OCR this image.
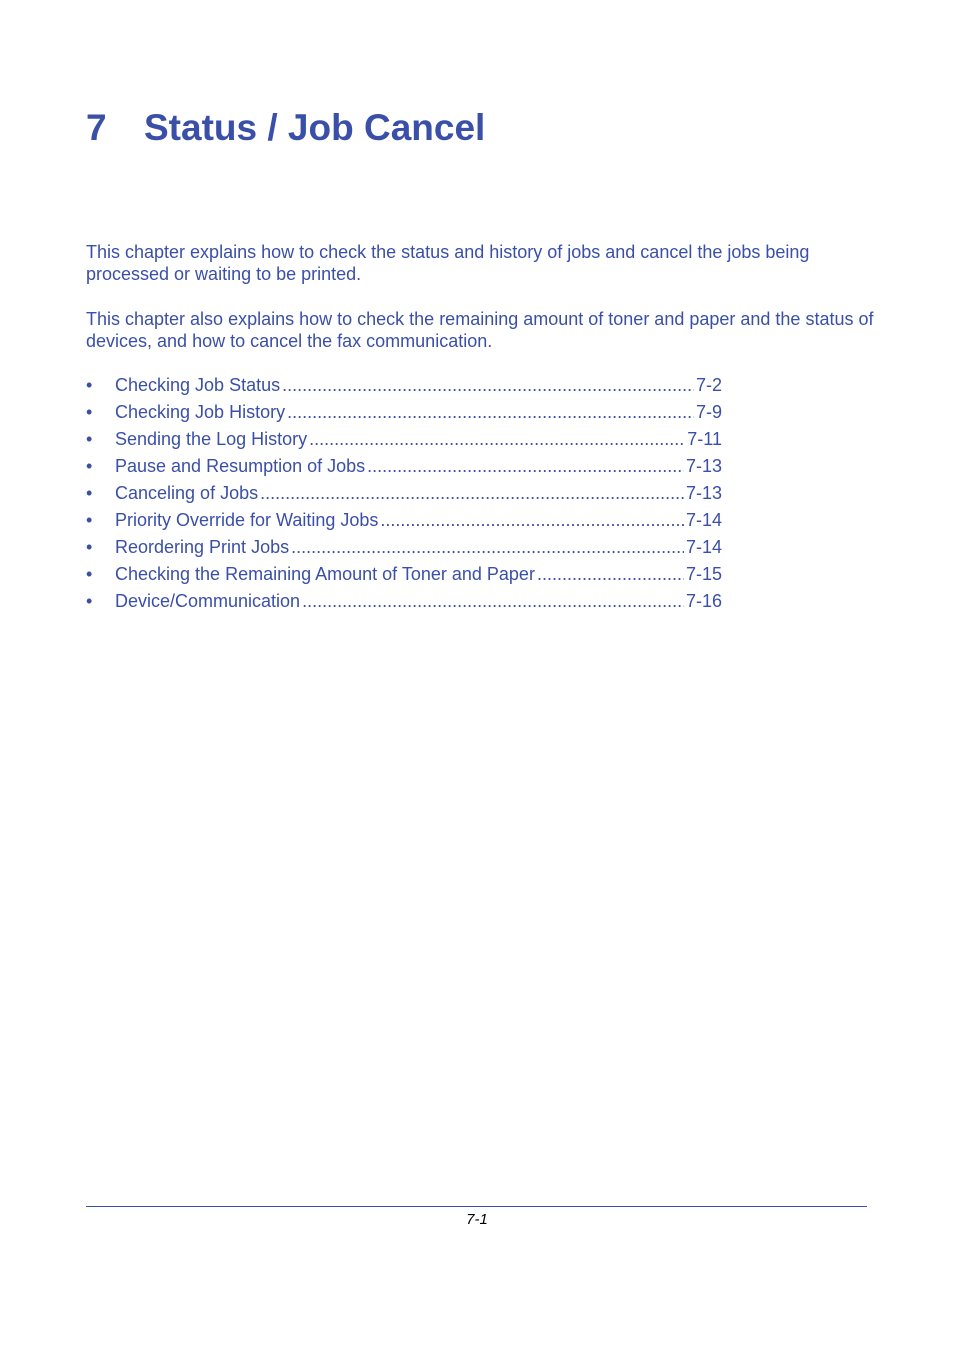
7 Status / Job Cancel

This chapter explains how to check the status and history of jobs and cancel the jobs being processed or waiting to be printed.

This chapter also explains how to check the remaining amount of toner and paper and the status of devices, and how to cancel the fax communication.

•	Checking Job Status .....	7-2
•	Checking Job History .....	7-9
•	Sending the Log History .....	7-11
•	Pause and Resumption of Jobs .....	7-13
•	Canceling of Jobs .....	7-13
•	Priority Override for Waiting Jobs .....	7-14
•	Reordering Print Jobs .....	7-14
•	Checking the Remaining Amount of Toner and Paper .....	7-15
•	Device/Communication .....	7-16
7-1
